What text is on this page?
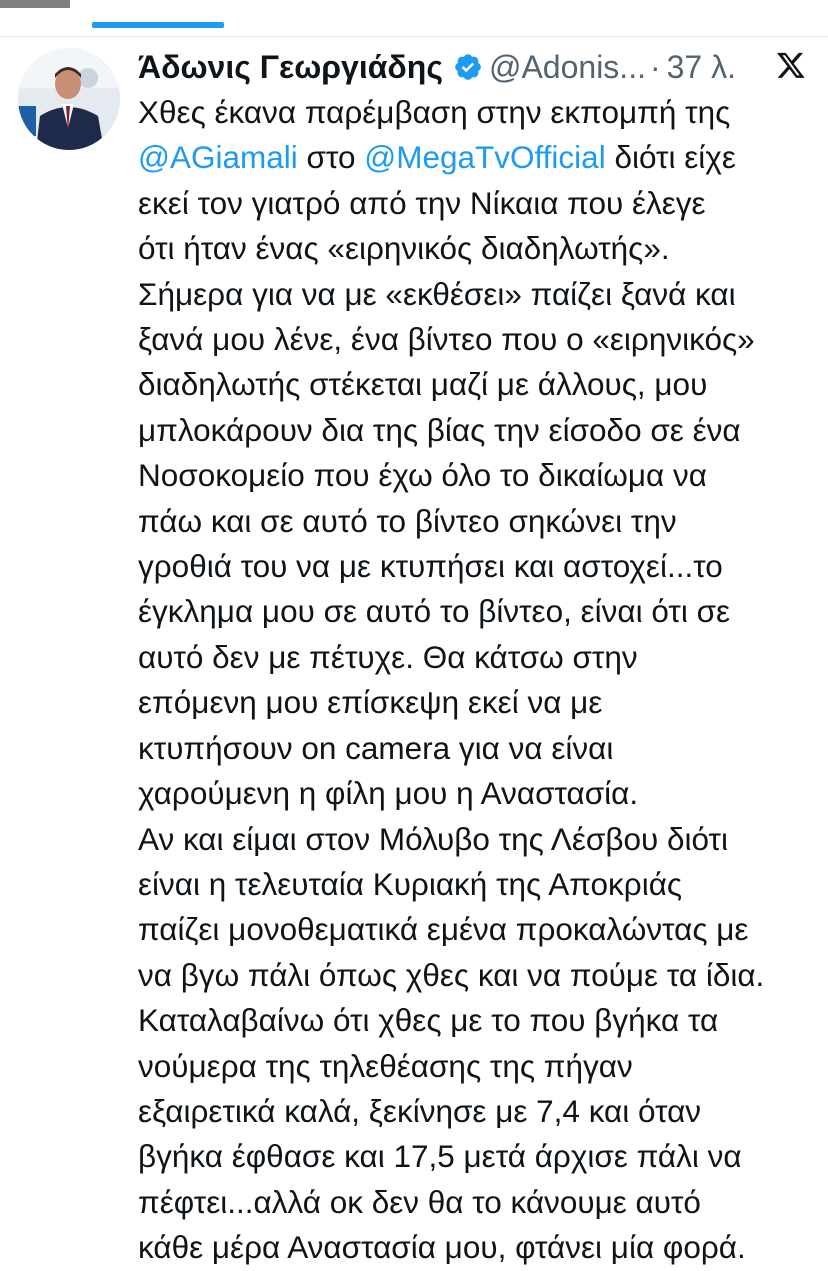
Άδωνις Γεωργιάδης @Adonis... · 37 λ.
Χθες έκανα παρέμβαση στην εκπομπή της
@AGiamali στο @MegaTvOfficial διότι είχε
εκεί τον γιατρό από την Νίκαια που έλεγε
ότι ήταν ένας «ειρηνικός διαδηλωτής».
Σήμερα για να με «εκθέσει» παίζει ξανά και
ξανά μου λένε, ένα βίντεο που ο «ειρηνικός»
διαδηλωτής στέκεται μαζί με άλλους, μου
μπλοκάρουν δια της βίας την είσοδο σε ένα
Νοσοκομείο που έχω όλο το δικαίωμα να
πάω και σε αυτό το βίντεο σηκώνει την
γροθιά του να με κτυπήσει και αστοχεί...το
έγκλημα μου σε αυτό το βίντεο, είναι ότι σε
αυτό δεν με πέτυχε. Θα κάτσω στην
επόμενη μου επίσκεψη εκεί να με
κτυπήσουν on camera για να είναι
χαρούμενη η φίλη μου η Αναστασία.
Αν και είμαι στον Μόλυβο της Λέσβου διότι
είναι η τελευταία Κυριακή της Αποκριάς
παίζει μονοθεματικά εμένα προκαλώντας με
να βγω πάλι όπως χθες και να πούμε τα ίδια.
Καταλαβαίνω ότι χθες με το που βγήκα τα
νούμερα της τηλεθέασης της πήγαν
εξαιρετικά καλά, ξεκίνησε με 7,4 και όταν
βγήκα έφθασε και 17,5 μετά άρχισε πάλι να
πέφτει...αλλά οκ δεν θα το κάνουμε αυτό
κάθε μέρα Αναστασία μου, φτάνει μία φορά.
